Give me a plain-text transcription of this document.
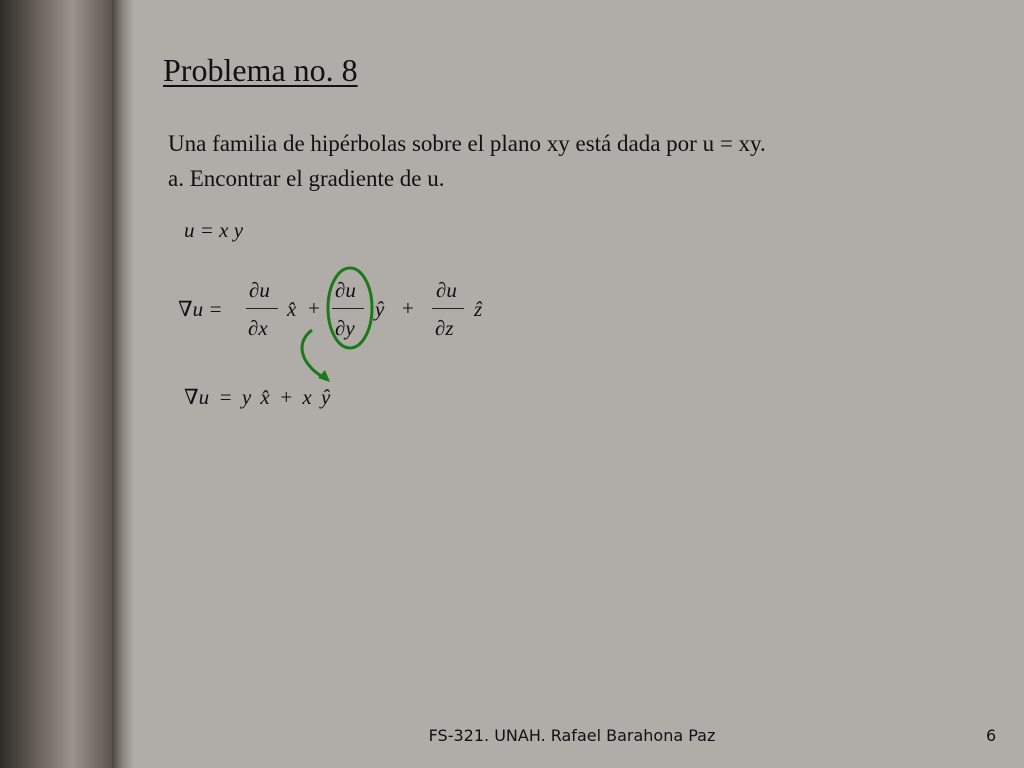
Problema no. 8
Una familia de hipérbolas sobre el plano xy está dada por u = xy.
a. Encontrar el gradiente de u.
u = x y
∇u =
∂u
∂x
x̂ +
∂u
∂y
ŷ +
∂u
∂z
ẑ
∇u = y x̂ + x ŷ
FS-321. UNAH. Rafael Barahona Paz	6
